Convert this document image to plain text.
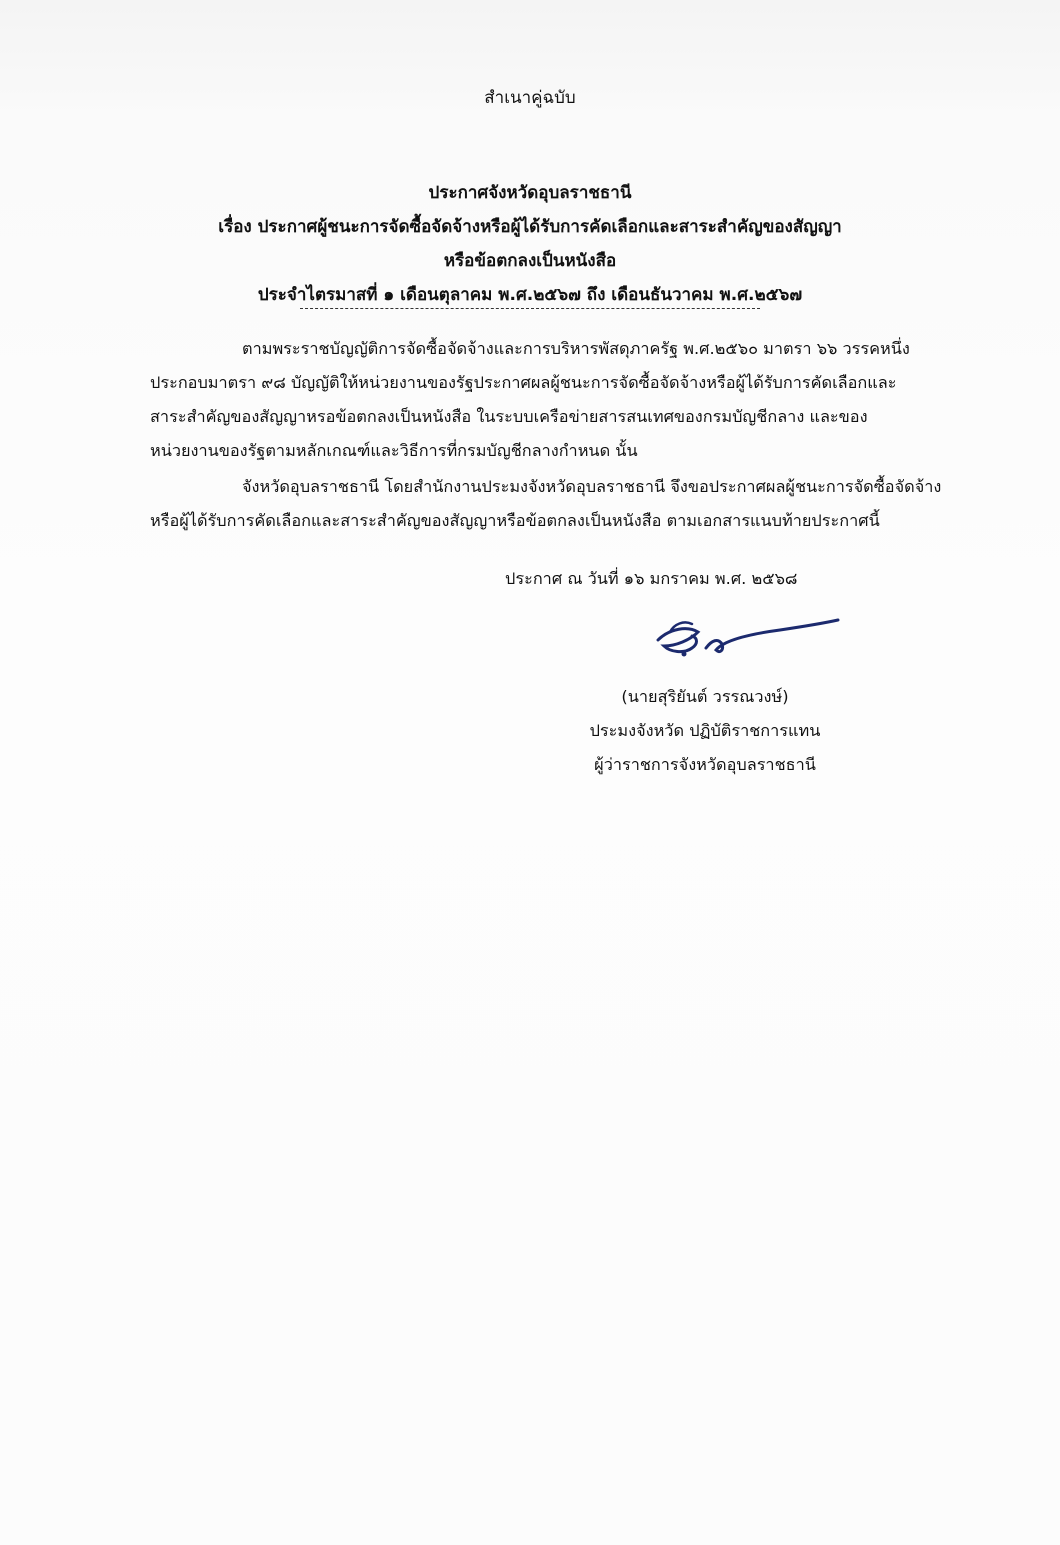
สำเนาคู่ฉบับ
ประกาศจังหวัดอุบลราชธานี
เรื่อง ประกาศผู้ชนะการจัดซื้อจัดจ้างหรือผู้ได้รับการคัดเลือกและสาระสำคัญของสัญญา
หรือข้อตกลงเป็นหนังสือ
ประจำไตรมาสที่ ๑ เดือนตุลาคม พ.ศ.๒๕๖๗ ถึง เดือนธันวาคม พ.ศ.๒๕๖๗
ตามพระราชบัญญัติการจัดซื้อจัดจ้างและการบริหารพัสดุภาครัฐ พ.ศ.๒๕๖๐ มาตรา ๖๖ วรรคหนึ่ง
ประกอบมาตรา ๙๘ บัญญัติให้หน่วยงานของรัฐประกาศผลผู้ชนะการจัดซื้อจัดจ้างหรือผู้ได้รับการคัดเลือกและ
สาระสำคัญของสัญญาหรอข้อตกลงเป็นหนังสือ ในระบบเครือข่ายสารสนเทศของกรมบัญชีกลาง และของ
หน่วยงานของรัฐตามหลักเกณฑ์และวิธีการที่กรมบัญชีกลางกำหนด นั้น
จังหวัดอุบลราชธานี โดยสำนักงานประมงจังหวัดอุบลราชธานี จึงขอประกาศผลผู้ชนะการจัดซื้อจัดจ้าง
หรือผู้ได้รับการคัดเลือกและสาระสำคัญของสัญญาหรือข้อตกลงเป็นหนังสือ ตามเอกสารแนบท้ายประกาศนี้
ประกาศ ณ วันที่ ๑๖ มกราคม พ.ศ. ๒๕๖๘
(นายสุริยันต์ วรรณวงษ์)
ประมงจังหวัด ปฏิบัติราชการแทน
ผู้ว่าราชการจังหวัดอุบลราชธานี
